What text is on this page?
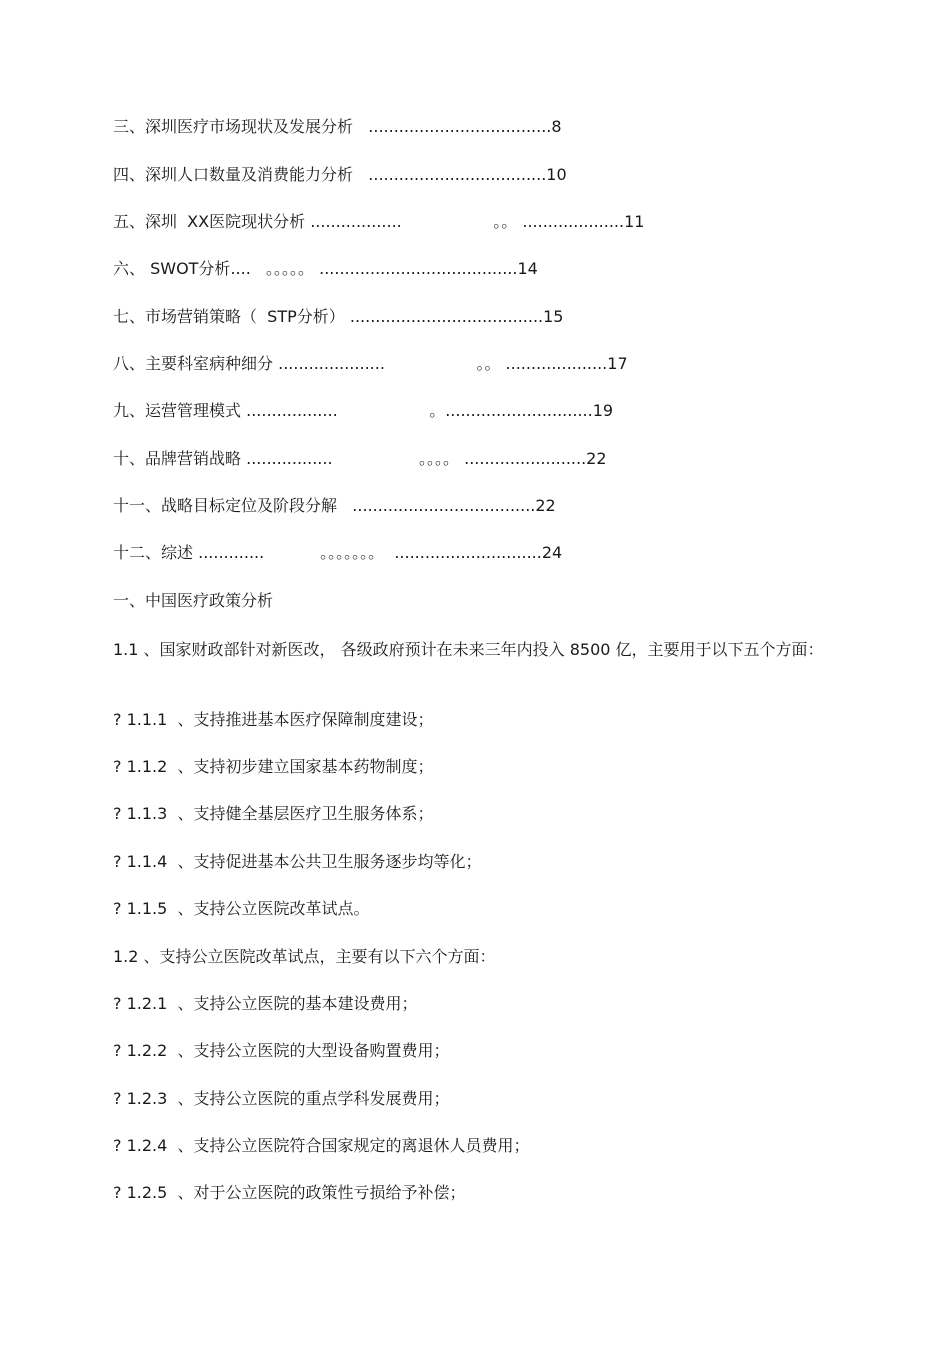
三、深圳医疗市场现状及发展分析   ....................................8
四、深圳人口数量及消费能力分析   ...................................10
五、深圳  XX医院现状分析 ..................                  。。 ....................11
六、 SWOT分析....   。。。。。 .......................................14
七、市场营销策略（  STP分析） ......................................15
八、主要科室病种细分 .....................                  。。 ....................17
九、运营管理模式 ..................                  。.............................19
十、品牌营销战略 .................                 。。。。 ........................22
十一、战略目标定位及阶段分解   ....................................22
十二、综述 .............           。。。。。。。  .............................24
一、中国医疗政策分析
1.1 、国家财政部针对新医改， 各级政府预计在未来三年内投入 8500 亿，主要用于以下五个方面：
? 1.1.1  、支持推进基本医疗保障制度建设；
? 1.1.2  、支持初步建立国家基本药物制度；
? 1.1.3  、支持健全基层医疗卫生服务体系；
? 1.1.4  、支持促进基本公共卫生服务逐步均等化；
? 1.1.5  、支持公立医院改革试点。
1.2 、支持公立医院改革试点，主要有以下六个方面：
? 1.2.1  、支持公立医院的基本建设费用；
? 1.2.2  、支持公立医院的大型设备购置费用；
? 1.2.3  、支持公立医院的重点学科发展费用；
? 1.2.4  、支持公立医院符合国家规定的离退休人员费用；
? 1.2.5  、对于公立医院的政策性亏损给予补偿；
